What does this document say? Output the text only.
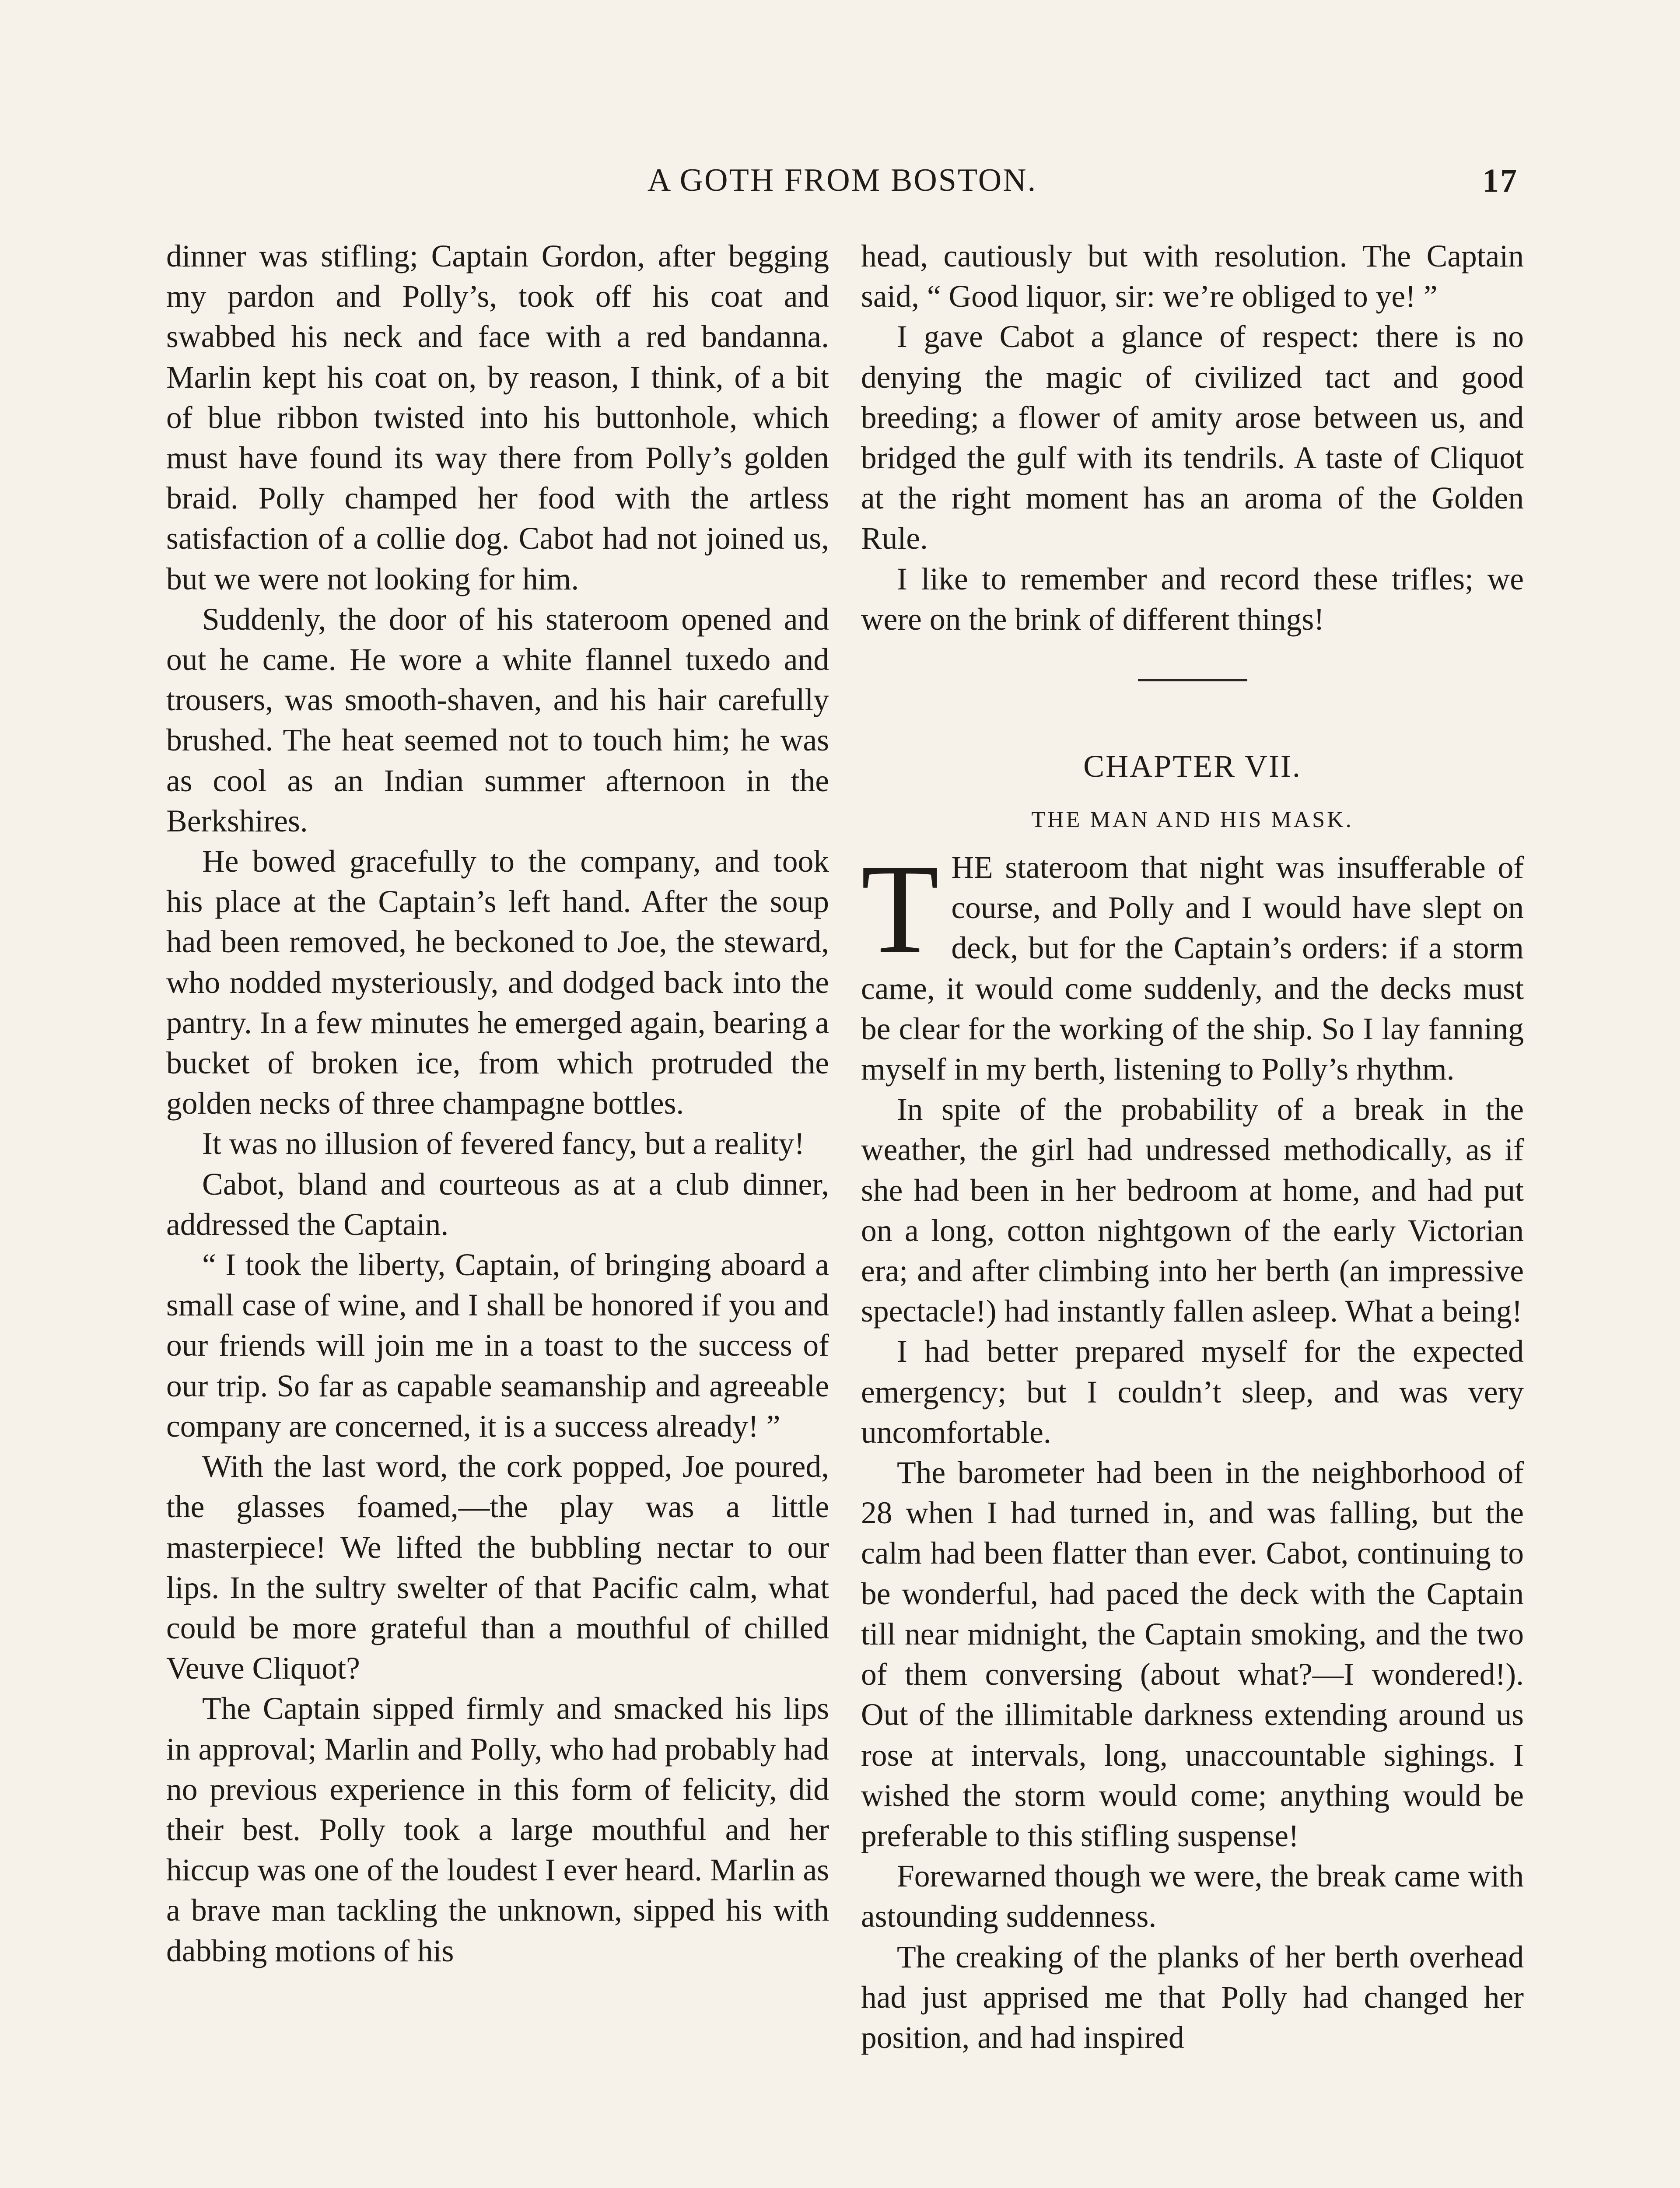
A GOTH FROM BOSTON.	17

dinner was stifling; Captain Gordon, after begging my pardon and Polly’s, took off his coat and swabbed his neck and face with a red bandanna. Marlin kept his coat on, by reason, I think, of a bit of blue ribbon twisted into his buttonhole, which must have found its way there from Polly’s golden braid. Polly champed her food with the artless satisfaction of a collie dog. Cabot had not joined us, but we were not looking for him.

Suddenly, the door of his stateroom opened and out he came. He wore a white flannel tuxedo and trousers, was smooth-shaven, and his hair carefully brushed. The heat seemed not to touch him; he was as cool as an Indian summer afternoon in the Berkshires.

He bowed gracefully to the company, and took his place at the Captain’s left hand. After the soup had been removed, he beckoned to Joe, the steward, who nodded mysteriously, and dodged back into the pantry. In a few minutes he emerged again, bearing a bucket of broken ice, from which protruded the golden necks of three champagne bottles.

It was no illusion of fevered fancy, but a reality!

Cabot, bland and courteous as at a club dinner, addressed the Captain.

“ I took the liberty, Captain, of bringing aboard a small case of wine, and I shall be honored if you and our friends will join me in a toast to the success of our trip. So far as capable seamanship and agreeable company are concerned, it is a success already! ”

With the last word, the cork popped, Joe poured, the glasses foamed,—the play was a little masterpiece! We lifted the bubbling nectar to our lips. In the sultry swelter of that Pacific calm, what could be more grateful than a mouthful of chilled Veuve Cliquot?

The Captain sipped firmly and smacked his lips in approval; Marlin and Polly, who had probably had no previous experience in this form of felicity, did their best. Polly took a large mouthful and her hiccup was one of the loudest I ever heard. Marlin as a brave man tackling the unknown, sipped his with dabbing motions of his

head, cautiously but with resolution. The Captain said, “ Good liquor, sir: we’re obliged to ye! ”

I gave Cabot a glance of respect: there is no denying the magic of civilized tact and good breeding; a flower of amity arose between us, and bridged the gulf with its tendrils. A taste of Cliquot at the right moment has an aroma of the Golden Rule.

I like to remember and record these trifles; we were on the brink of different things!

CHAPTER VII.
THE MAN AND HIS MASK.

THE stateroom that night was insufferable of course, and Polly and I would have slept on deck, but for the Captain’s orders: if a storm came, it would come suddenly, and the decks must be clear for the working of the ship. So I lay fanning myself in my berth, listening to Polly’s rhythm.

In spite of the probability of a break in the weather, the girl had undressed methodically, as if she had been in her bedroom at home, and had put on a long, cotton nightgown of the early Victorian era; and after climbing into her berth (an impressive spectacle!) had instantly fallen asleep. What a being!

I had better prepared myself for the expected emergency; but I couldn’t sleep, and was very uncomfortable.

The barometer had been in the neighborhood of 28 when I had turned in, and was falling, but the calm had been flatter than ever. Cabot, continuing to be wonderful, had paced the deck with the Captain till near midnight, the Captain smoking, and the two of them conversing (about what?—I wondered!). Out of the illimitable darkness extending around us rose at intervals, long, unaccountable sighings. I wished the storm would come; anything would be preferable to this stifling suspense!

Forewarned though we were, the break came with astounding suddenness.

The creaking of the planks of her berth overhead had just apprised me that Polly had changed her position, and had inspired
